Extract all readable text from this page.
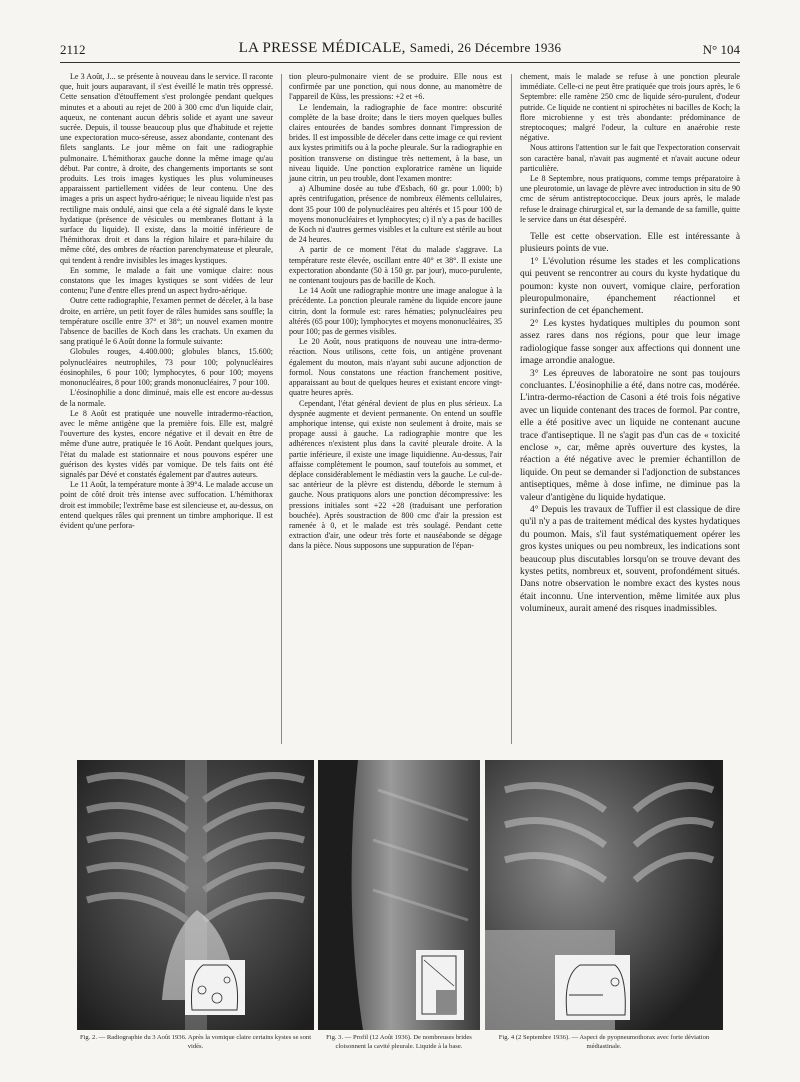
2112	LA PRESSE MÉDICALE, Samedi, 26 Décembre 1936	N° 104

Le 3 Août, J... se présente à nouveau dans le service. Il raconte que, huit jours auparavant, il s'est éveillé le matin très oppressé. Cette sensation d'étouffement s'est prolongée pendant quelques minutes et a abouti au rejet de 200 à 300 cmc d'un liquide clair, aqueux, ne contenant aucun débris solide et ayant une saveur sucrée. Depuis, il tousse beaucoup plus que d'habitude et rejette une expectoration muco-séreuse, assez abondante, contenant des filets sanglants. Le jour même on fait une radiographie pulmonaire. L'hémithorax gauche donne la même image qu'au début. Par contre, à droite, des changements importants se sont produits. Les trois images kystiques les plus volumineuses apparaissent partiellement vidées de leur contenu. Une des images a pris un aspect hydro-aérique; le niveau liquide n'est pas rectiligne mais ondulé, ainsi que cela a été signalé dans le kyste hydatique (présence de vésicules ou membranes flottant à la surface du liquide). Il existe, dans la moitié inférieure de l'hémithorax droit et dans la région hilaire et para-hilaire du même côté, des ombres de réaction parenchymateuse et pleurale, qui tendent à rendre invisibles les images kystiques.

En somme, le malade a fait une vomique claire: nous constatons que les images kystiques se sont vidées de leur contenu; l'une d'entre elles prend un aspect hydro-aérique.

Outre cette radiographie, l'examen permet de déceler, à la base droite, en arrière, un petit foyer de râles humides sans souffle; la température oscille entre 37° et 38°; un nouvel examen montre l'absence de bacilles de Koch dans les crachats. Un examen du sang pratiqué le 6 Août donne la formule suivante:

Globules rouges, 4.400.000; globules blancs, 15.600; polynucléaires neutrophiles, 73 pour 100; polynucléaires éosinophiles, 6 pour 100; lymphocytes, 6 pour 100; moyens mononucléaires, 8 pour 100; grands mononucléaires, 7 pour 100.

L'éosinophilie a donc diminué, mais elle est encore au-dessus de la normale.

Le 8 Août est pratiquée une nouvelle intradermo-réaction, avec le même antigène que la première fois. Elle est, malgré l'ouverture des kystes, encore négative et il devait en être de même d'une autre, pratiquée le 16 Août. Pendant quelques jours, l'état du malade est stationnaire et nous pouvons espérer une guérison des kystes vidés par vomique. De tels faits ont été signalés par Dévé et constatés également par d'autres auteurs.

Le 11 Août, la température monte à 39°4. Le malade accuse un point de côté droit très intense avec suffocation. L'hémithorax droit est immobile; l'extrême base est silencieuse et, au-dessus, on entend quelques râles qui prennent un timbre amphorique. Il est évident qu'une perfora-

tion pleuro-pulmonaire vient de se produire. Elle nous est confirmée par une ponction, qui nous donne, au manomètre de l'appareil de Küss, les pressions: +2 et +6.

Le lendemain, la radiographie de face montre: obscurité complète de la base droite; dans le tiers moyen quelques bulles claires entourées de bandes sombres donnant l'impression de brides. Il est impossible de déceler dans cette image ce qui revient aux kystes primitifs ou à la poche pleurale. Sur la radiographie en position transverse on distingue très nettement, à la base, un niveau liquide. Une ponction exploratrice ramène un liquide jaune citrin, un peu trouble, dont l'examen montre:

a) Albumine dosée au tube d'Esbach, 60 gr. pour 1.000; b) après centrifugation, présence de nombreux éléments cellulaires, dont 35 pour 100 de polynucléaires peu altérés et 15 pour 100 de moyens mononucléaires et lymphocytes; c) il n'y a pas de bacilles de Koch ni d'autres germes visibles et la culture est stérile au bout de 24 heures.

A partir de ce moment l'état du malade s'aggrave. La température reste élevée, oscillant entre 40° et 38°. Il existe une expectoration abondante (50 à 150 gr. par jour), muco-purulente, ne contenant toujours pas de bacille de Koch.

Le 14 Août une radiographie montre une image analogue à la précédente. La ponction pleurale ramène du liquide encore jaune citrin, dont la formule est: rares hématies; polynucléaires peu altérés (65 pour 100); lymphocytes et moyens mononucléaires, 35 pour 100; pas de germes visibles.

Le 20 Août, nous pratiquons de nouveau une intra-dermo-réaction. Nous utilisons, cette fois, un antigène provenant également du mouton, mais n'ayant subi aucune adjonction de formol. Nous constatons une réaction franchement positive, apparaissant au bout de quelques heures et existant encore vingt-quatre heures après.

Cependant, l'état général devient de plus en plus sérieux. La dyspnée augmente et devient permanente. On entend un souffle amphorique intense, qui existe non seulement à droite, mais se propage aussi à gauche. La radiographie montre que les adhérences n'existent plus dans la cavité pleurale droite. A la partie inférieure, il existe une image liquidienne. Au-dessus, l'air affaisse complètement le poumon, sauf toutefois au sommet, et déplace considérablement le médiastin vers la gauche. Le cul-de-sac antérieur de la plèvre est distendu, déborde le sternum à gauche. Nous pratiquons alors une ponction décompressive: les pressions initiales sont +22 +28 (traduisant une perforation bouchée). Après soustraction de 800 cmc d'air la pression est ramenée à 0, et le malade est très soulagé. Pendant cette extraction d'air, une odeur très forte et nauséabonde se dégage dans la pièce. Nous supposons une suppuration de l'épan-

chement, mais le malade se refuse à une ponction pleurale immédiate. Celle-ci ne peut être pratiquée que trois jours après, le 6 Septembre: elle ramène 250 cmc de liquide séro-purulent, d'odeur putride. Ce liquide ne contient ni spirochètes ni bacilles de Koch; la flore microbienne y est très abondante: prédominance de streptocoques; malgré l'odeur, la culture en anaérobie reste négative.

Nous attirons l'attention sur le fait que l'expectoration conservait son caractère banal, n'avait pas augmenté et n'avait aucune odeur particulière.

Le 8 Septembre, nous pratiquons, comme temps préparatoire à une pleurotomie, un lavage de plèvre avec introduction in situ de 90 cmc de sérum antistreptococcique. Deux jours après, le malade refuse le drainage chirurgical et, sur la demande de sa famille, quitte le service dans un état désespéré.

Telle est cette observation. Elle est intéressante à plusieurs points de vue.

1° L'évolution résume les stades et les complications qui peuvent se rencontrer au cours du kyste hydatique du poumon: kyste non ouvert, vomique claire, perforation pleuropulmonaire, épanchement réactionnel et surinfection de cet épanchement.

2° Les kystes hydatiques multiples du poumon sont assez rares dans nos régions, pour que leur image radiologique fasse songer aux affections qui donnent une image arrondie analogue.

3° Les épreuves de laboratoire ne sont pas toujours concluantes. L'éosinophilie a été, dans notre cas, modérée. L'intra-dermo-réaction de Casoni a été trois fois négative avec un liquide contenant des traces de formol. Par contre, elle a été positive avec un liquide ne contenant aucune trace d'antiseptique. Il ne s'agit pas d'un cas de « toxicité enclose », car, même après ouverture des kystes, la réaction a été négative avec le premier échantillon de liquide. On peut se demander si l'adjonction de substances antiseptiques, même à dose infime, ne diminue pas la valeur d'antigène du liquide hydatique.

4° Depuis les travaux de Tuffier il est classique de dire qu'il n'y a pas de traitement médical des kystes hydatiques du poumon. Mais, s'il faut systématiquement opérer les gros kystes uniques ou peu nombreux, les indications sont beaucoup plus discutables lorsqu'on se trouve devant des kystes petits, nombreux et, souvent, profondément situés. Dans notre observation le nombre exact des kystes nous était inconnu. Une intervention, même limitée aux plus volumineux, aurait amené des risques inadmissibles.

Fig. 2. — Radiographie du 3 Août 1936. Après la vomique claire certains kystes se sont vidés.
Fig. 3. — Profil (12 Août 1936). De nombreuses brides cloisonnent la cavité pleurale. Liquide à la base.
Fig. 4 (2 Septembre 1936). — Aspect de pyopneumothorax avec forte déviation médiastinale.
